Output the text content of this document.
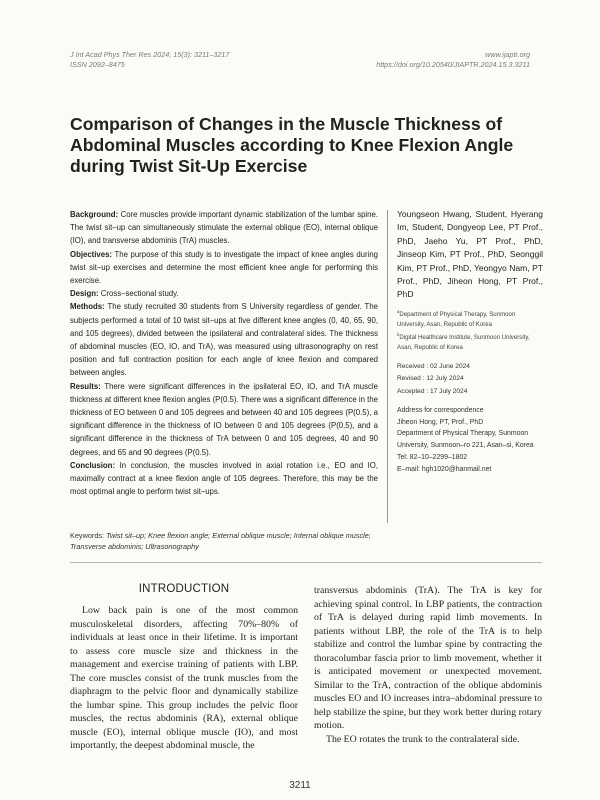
J Int Acad Phys Ther Res 2024; 15(3): 3211–3217
ISSN 2092–8475
www.ijaptr.org
https://doi.org/10.20540/JIAPTR.2024.15.3.3211
Comparison of Changes in the Muscle Thickness of Abdominal Muscles according to Knee Flexion Angle during Twist Sit-Up Exercise

Background: Core muscles provide important dynamic stabilization of the lumbar spine. The twist sit–up can simultaneously stimulate the external oblique (EO), internal oblique (IO), and transverse abdominis (TrA) muscles.

Objectives: The purpose of this study is to investigate the impact of knee angles during twist sit–up exercises and determine the most efficient knee angle for performing this exercise.

Design: Cross–sectional study.

Methods: The study recruited 30 students from S University regardless of gender. The subjects performed a total of 10 twist sit–ups at five different knee angles (0, 40, 65, 90, and 105 degrees), divided between the ipsilateral and contralateral sides. The thickness of abdominal muscles (EO, IO, and TrA), was measured using ultrasonography on rest position and full contraction position for each angle of knee flexion and compared between angles.

Results: There were significant differences in the ipsilateral EO, IO, and TrA muscle thickness at different knee flexion angles (P(0.5). There was a significant difference in the thickness of EO between 0 and 105 degrees and between 40 and 105 degrees (P(0.5), a significant difference in the thickness of IO between 0 and 105 degrees (P(0.5), and a significant difference in the thickness of TrA between 0 and 105 degrees, 40 and 90 degrees, and 65 and 90 degrees (P(0.5).

Conclusion: In conclusion, the muscles involved in axial rotation i.e., EO and IO, maximally contract at a knee flexion angle of 105 degrees. Therefore, this may be the most optimal angle to perform twist sit–ups.

Youngseon Hwang, Student, Hyerang Im, Student, Dongyeop Lee, PT Prof., PhD, Jaeho Yu, PT Prof., PhD, Jinseop Kim, PT Prof., PhD, Seonggil Kim, PT Prof., PhD, Yeongyo Nam, PT Prof., PhD, Jiheon Hong, PT Prof., PhD

$^a$Department of Physical Therapy, Sunmoon University, Asan, Republic of Korea

$^b$Digital Healthcare Institute, Sunmoon University, Asan, Republic of Korea

Received : 02 June 2024

Revised : 12 July 2024

Accepted : 17 July 2024

Address for correspondence

Jiheon Hong, PT, Prof., PhD

Department of Physical Therapy, Sunmoon University, Sunmoon–ro 221, Asan–si, Korea

Tel: 82–10–2299–1802

E–mail: hgh1020@hanmail.net

Keywords: Twist sit–up; Knee flexion angle; External oblique muscle; Internal oblique muscle; Transverse abdominis; Ultrasonography
INTRODUCTION

Low back pain is one of the most common musculoskeletal disorders, affecting 70%–80% of individuals at least once in their lifetime. It is important to assess core muscle size and thickness in the management and exercise training of patients with LBP. The core muscles consist of the trunk muscles from the diaphragm to the pelvic floor and dynamically stabilize the lumbar spine. This group includes the pelvic floor muscles, the rectus abdominis (RA), external oblique muscle (EO), internal oblique muscle (IO), and most importantly, the deepest abdominal muscle, the

transversus abdominis (TrA). The TrA is key for achieving spinal control. In LBP patients, the contraction of TrA is delayed during rapid limb movements. In patients without LBP, the role of the TrA is to help stabilize and control the lumbar spine by contracting the thoracolumbar fascia prior to limb movement, whether it is anticipated movement or unexpected movement. Similar to the TrA, contraction of the oblique abdominis muscles EO and IO increases intra–abdominal pressure to help stabilize the spine, but they work better during rotary motion.

The EO rotates the trunk to the contralateral side.

3211
